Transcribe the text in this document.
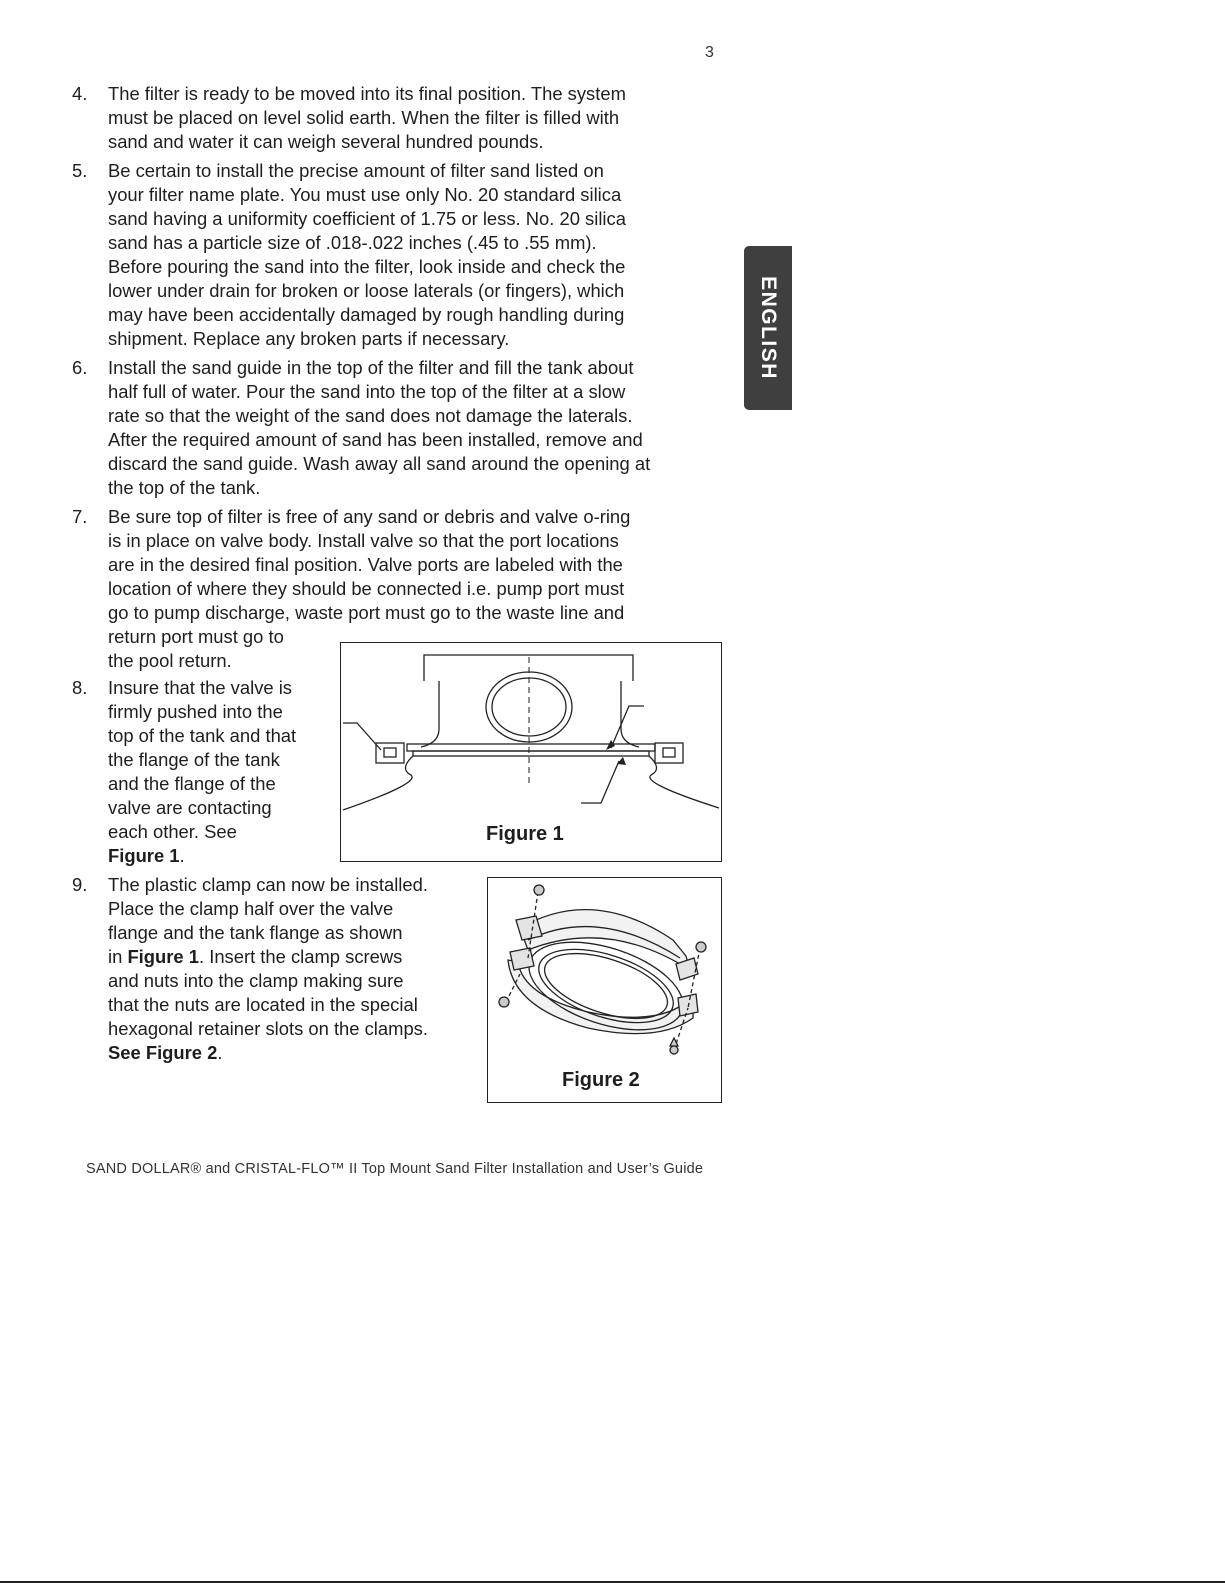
3
ENGLISH
4. The filter is ready to be moved into its final position. The system
must be placed on level solid earth. When the filter is filled with
sand and water it can weigh several hundred pounds.
5. Be certain to install the precise amount of filter sand listed on
your filter name plate. You must use only No. 20 standard silica
sand having a uniformity coefficient of 1.75 or less. No. 20 silica
sand has a particle size of .018-.022 inches (.45 to .55 mm).
Before pouring the sand into the filter, look inside and check the
lower under drain for broken or loose laterals (or fingers), which
may have been accidentally damaged by rough handling during
shipment. Replace any broken parts if necessary.
6. Install the sand guide in the top of the filter and fill the tank about
half full of water. Pour the sand into the top of the filter at a slow
rate so that the weight of the sand does not damage the laterals.
After the required amount of sand has been installed, remove and
discard the sand guide. Wash away all sand around the opening at
the top of the tank.
7. Be sure top of filter is free of any sand or debris and valve o-ring
is in place on valve body. Install valve so that the port locations
are in the desired final position. Valve ports are labeled with the
location of where they should be connected i.e. pump port must
go to pump discharge, waste port must go to the waste line and
return port must go to
the pool return.
8. Insure that the valve is
firmly pushed into the
top of the tank and that
the flange of the tank
and the flange of the
valve are contacting
each other. See
Figure 1.
9. The plastic clamp can now be installed.
Place the clamp half over the valve
flange and the tank flange as shown
in Figure 1. Insert the clamp screws
and nuts into the clamp making sure
that the nuts are located in the special
hexagonal retainer slots on the clamps.
See Figure 2.
Figure 1
Figure 2
SAND DOLLAR® and CRISTAL-FLO™ II Top Mount Sand Filter Installation and User’s Guide
